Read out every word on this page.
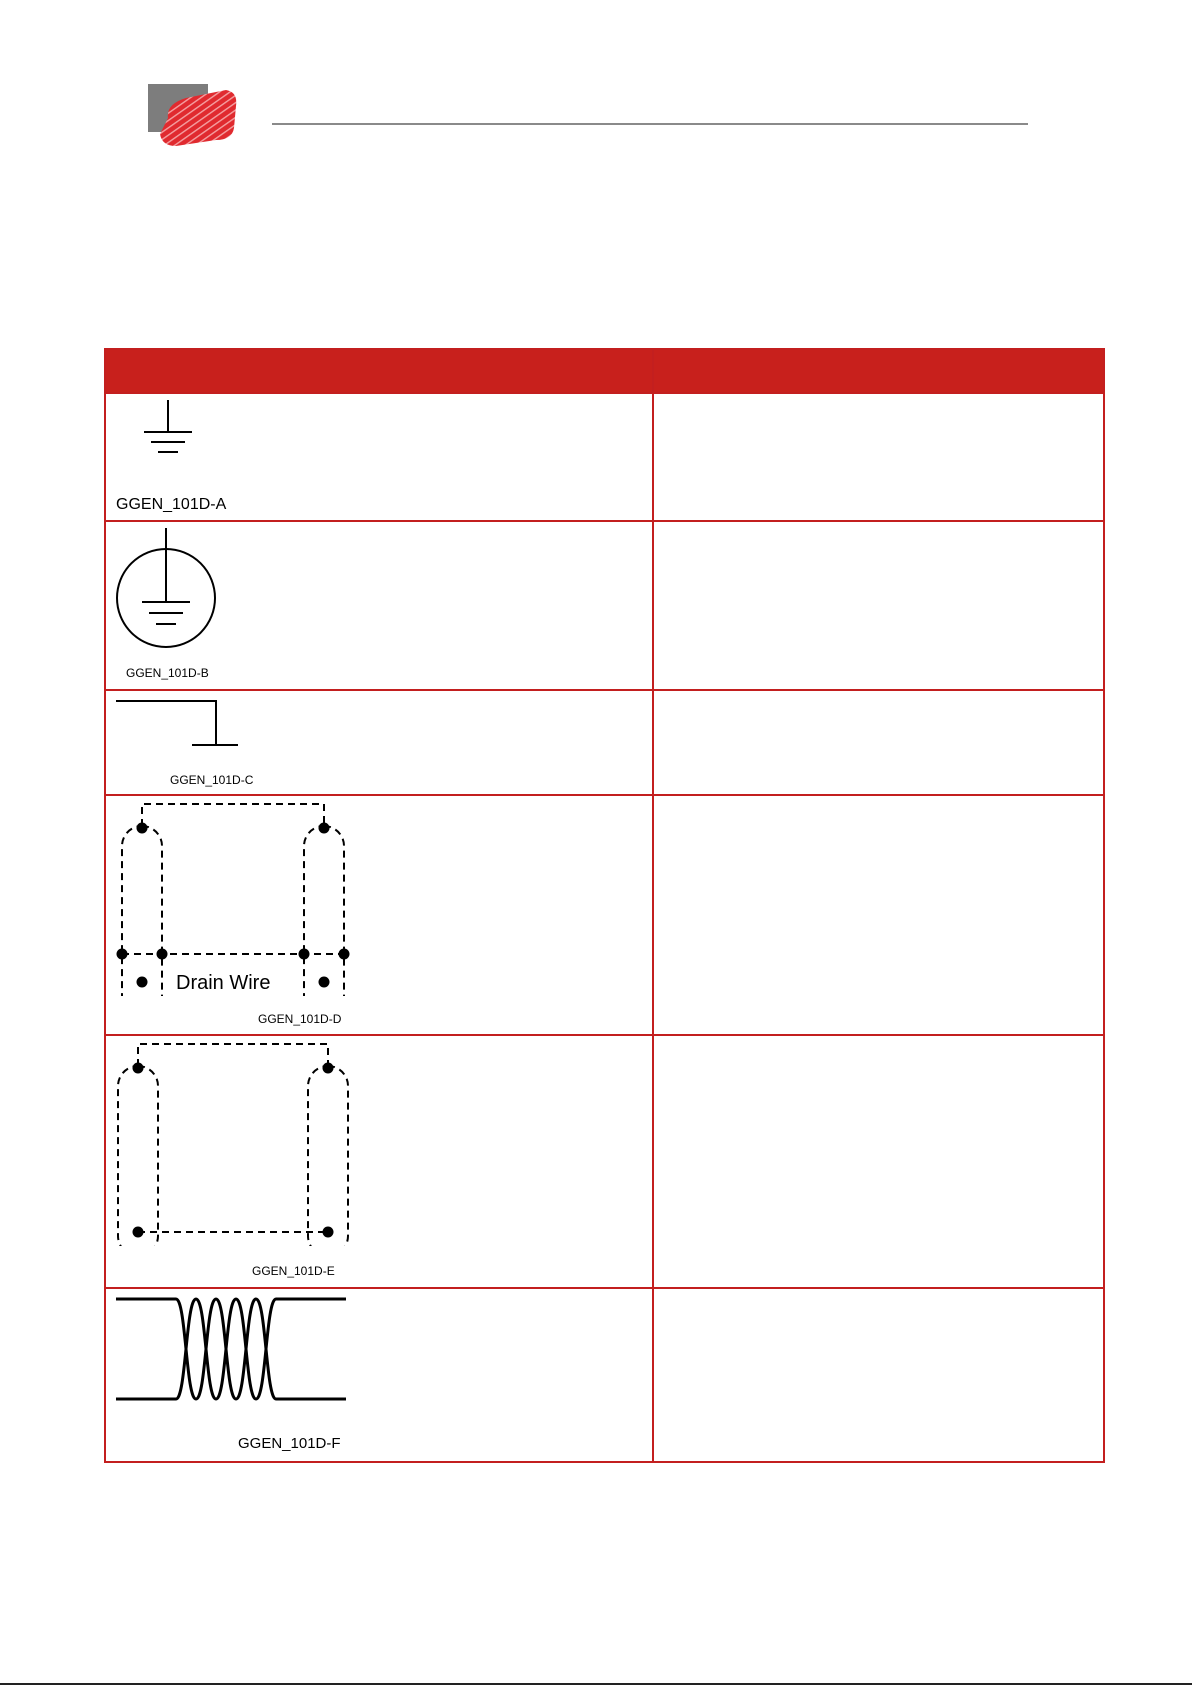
GGEN_101D-A	

GGEN_101D-B	

GGEN_101D-C	

Drain Wire
GGEN_101D-D	

GGEN_101D-E	

GGEN_101D-F	
